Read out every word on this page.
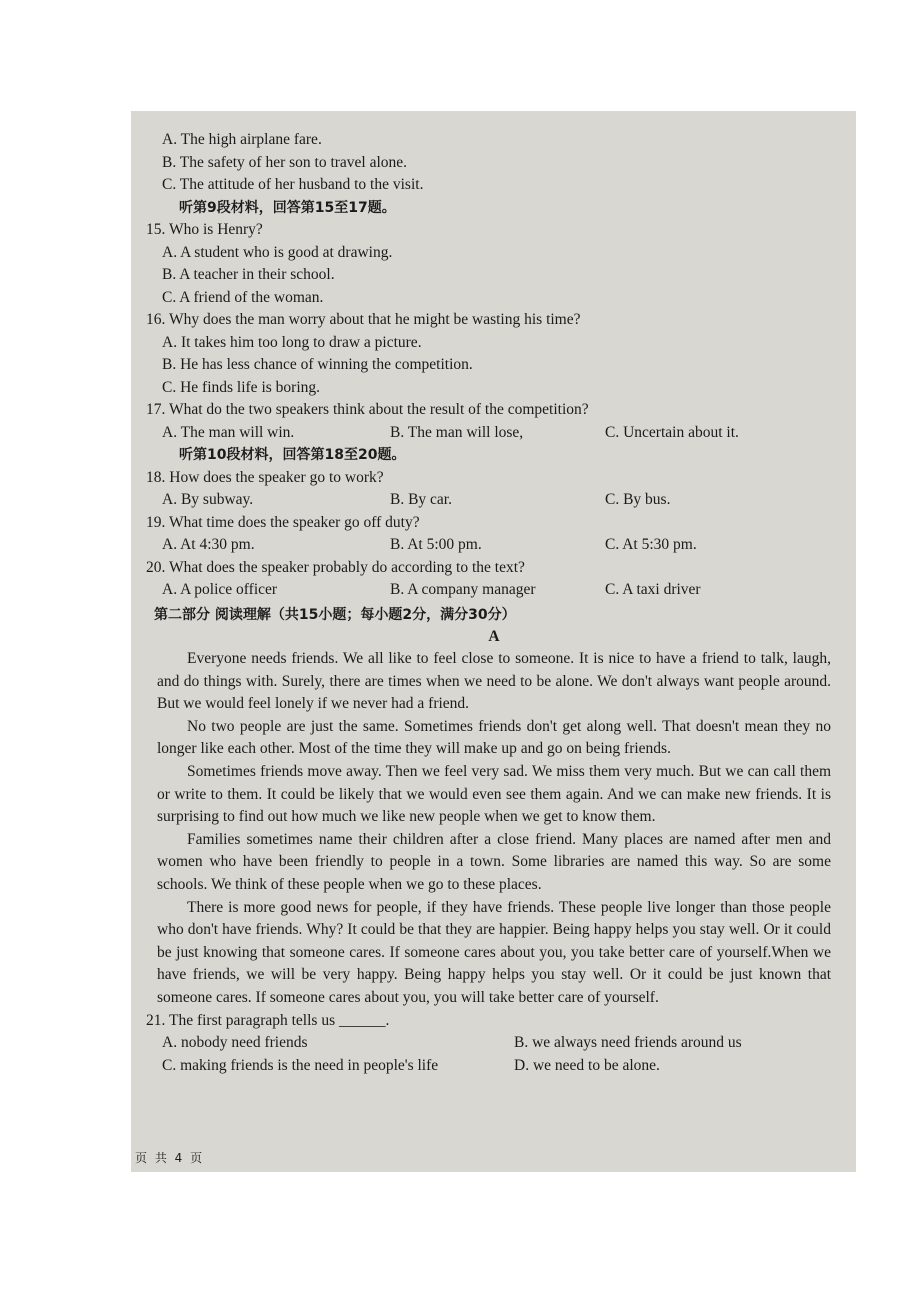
A. The high airplane fare.
B. The safety of her son to travel alone.
C. The attitude of her husband to the visit.
听第9段材料，回答第15至17题。
15. Who is Henry?
A. A student who is good at drawing.
B. A teacher in their school.
C. A friend of the woman.
16. Why does the man worry about that he might be wasting his time?
A. It takes him too long to draw a picture.
B. He has less chance of winning the competition.
C. He finds life is boring.
17. What do the two speakers think about the result of the competition?
A. The man will win.	B. The man will lose,	C. Uncertain about it.
听第10段材料，回答第18至20题。
18. How does the speaker go to work?
A. By subway.	B. By car.	C. By bus.
19. What time does the speaker go off duty?
A. At 4:30 pm.	B. At 5:00 pm.	C. At 5:30 pm.
20. What does the speaker probably do according to the text?
A. A police officer	B. A company manager	C. A taxi driver
第二部分 阅读理解（共15小题；每小题2分，满分30分）
A

Everyone needs friends. We all like to feel close to someone. It is nice to have a friend to talk, laugh, and do things with. Surely, there are times when we need to be alone. We don't always want people around. But we would feel lonely if we never had a friend.

No two people are just the same. Sometimes friends don't get along well. That doesn't mean they no longer like each other. Most of the time they will make up and go on being friends.

Sometimes friends move away. Then we feel very sad. We miss them very much. But we can call them or write to them. It could be likely that we would even see them again. And we can make new friends. It is surprising to find out how much we like new people when we get to know them.

Families sometimes name their children after a close friend. Many places are named after men and women who have been friendly to people in a town. Some libraries are named this way. So are some schools. We think of these people when we go to these places.

There is more good news for people, if they have friends. These people live longer than those people who don't have friends. Why? It could be that they are happier. Being happy helps you stay well. Or it could be just knowing that someone cares. If someone cares about you, you take better care of yourself.When we have friends, we will be very happy. Being happy helps you stay well. Or it could be just known that someone cares. If someone cares about you, you will take better care of yourself.

21. The first paragraph tells us ______.
A. nobody need friends	B. we always need friends around us
C. making friends is the need in people's life	D. we need to be alone.
页 共 4 页
